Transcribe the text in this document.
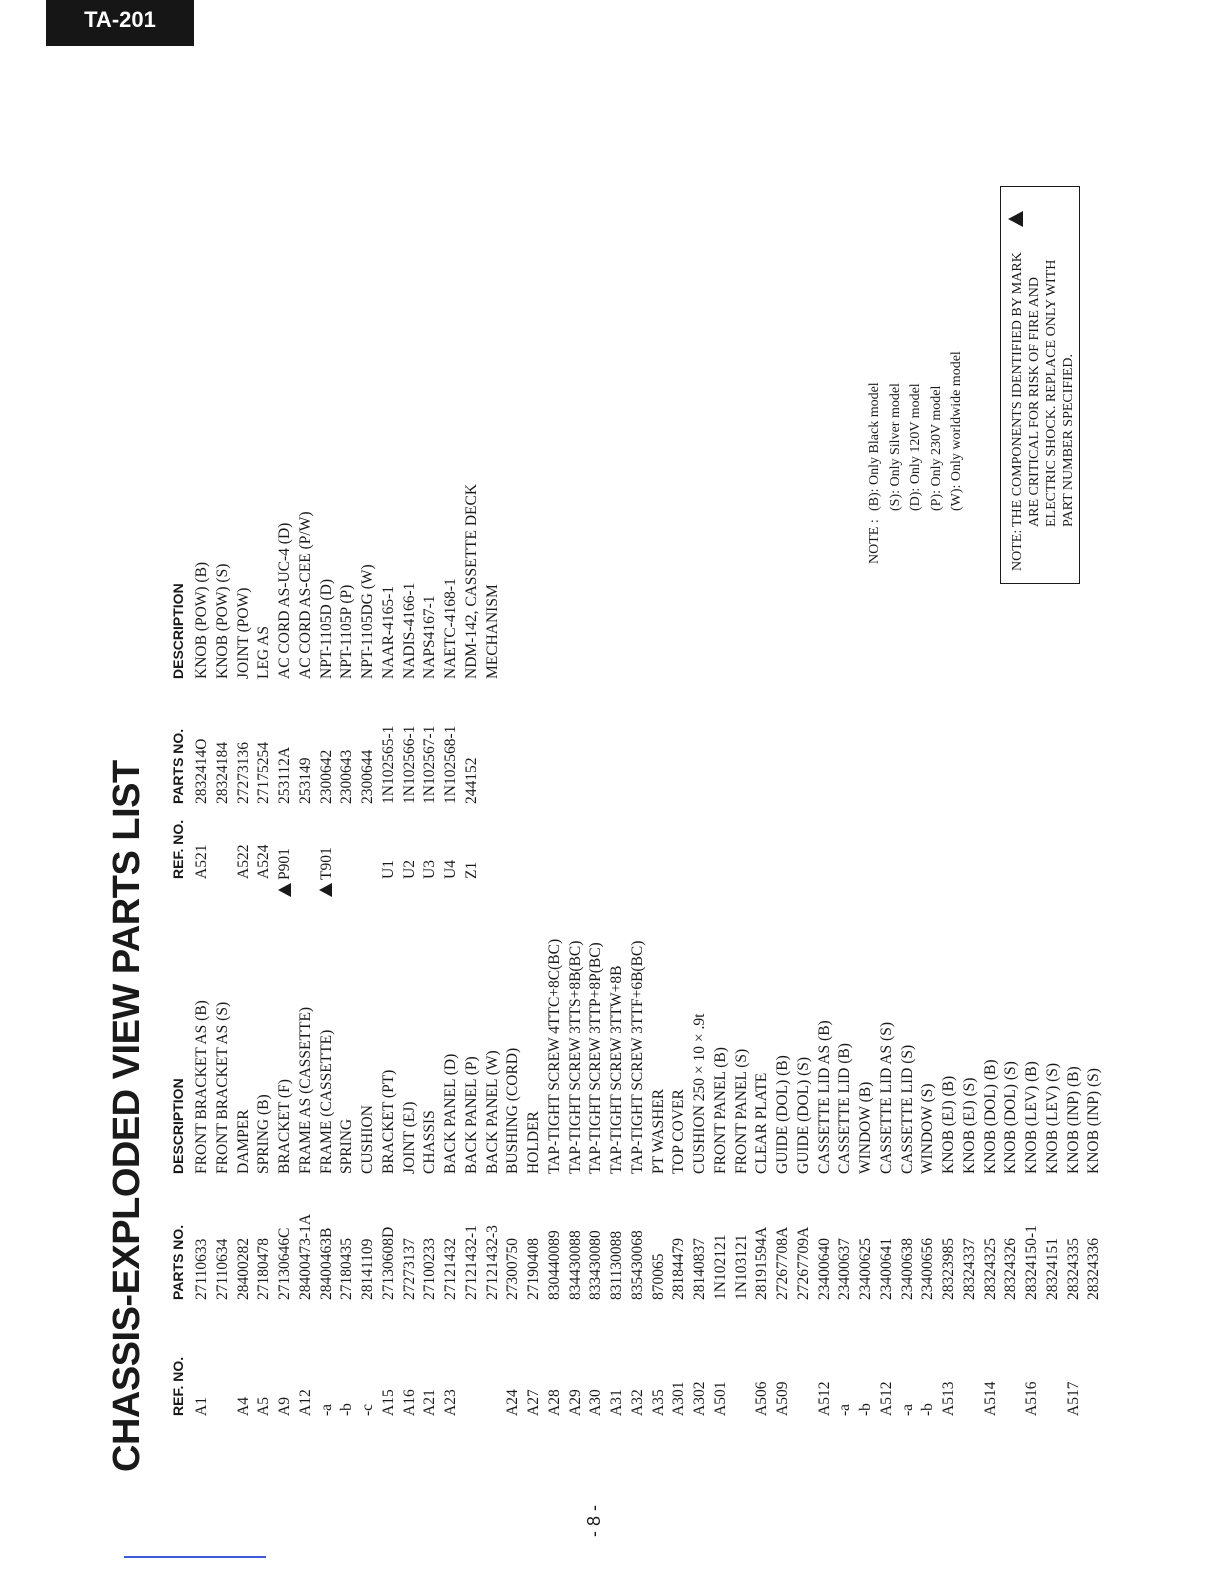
TA-201
CHASSIS-EXPLODED VIEW PARTS LIST REF. NO.
PARTS NO.
DESCRIPTION
REF. NO.
PARTS NO.
DESCRIPTION
A1
27110633
FRONT BRACKET AS (B)
27110634
FRONT BRACKET AS (S)
A4
28400282
DAMPER
A5
27180478
SPRING (B)
A9
27130646C
BRACKET (F)
A12
28400473-1A
FRAME AS (CASSETTE)
-a
28400463B
FRAME (CASSETTE)
-b
27180435
SPRING
-c
28141109
CUSHION
A15
27130608D
BRACKET (PT)
A16
27273137
JOINT (EJ)
A21
27100233
CHASSIS
A23
27121432
BACK PANEL (D)
27121432-1
BACK PANEL (P)
27121432-3
BACK PANEL (W)
A24
27300750
BUSHING (CORD)
A27
27190408
HOLDER
A28
830440089
TAP-TIGHT SCREW 4TTC+8C(BC)
A29
834430088
TAP-TIGHT SCREW 3TTS+8B(BC)
A30
833430080
TAP-TIGHT SCREW 3TTP+8P(BC)
A31
831130088
TAP-TIGHT SCREW 3TTW+8B
A32
835430068
TAP-TIGHT SCREW 3TTF+6B(BC)
A35
870065
PT WASHER
A301
28184479
TOP COVER
A302
28140837
CUSHION 250 × 10 × .9t
A501
1N102121
FRONT PANEL (B)
1N103121
FRONT PANEL (S)
A506
28191594A
CLEAR PLATE
A509
27267708A
GUIDE (DOL) (B)
27267709A
GUIDE (DOL) (S)
A512
23400640
CASSETTE LID AS (B)
-a
23400637
CASSETTE LID (B)
-b
23400625
WINDOW (B)
A512
23400641
CASSETTE LID AS (S)
-a
23400638
CASSETTE LID (S)
-b
23400656
WINDOW (S)
A513
28323985
KNOB (EJ) (B)
28324337
KNOB (EJ) (S)
A514
28324325
KNOB (DOL) (B)
28324326
KNOB (DOL) (S)
A516
28324150-1
KNOB (LEV) (B)
28324151
KNOB (LEV) (S)
A517
28324335
KNOB (INP) (B)
28324336
KNOB (INP) (S)
A521
2832414O
KNOB (POW) (B)
28324184
KNOB (POW) (S)
A522
27273136
JOINT (POW)
A524
27175254
LEG AS
P901
253112A
AC CORD AS-UC-4 (D)
253149
AC CORD AS-CEE (P/W)
T901
2300642
NPT-1105D (D)
2300643
NPT-1105P (P)
2300644
NPT-1105DG (W)
U1
1N102565-1
NAAR-4165-1
U2
1N102566-1
NADIS-4166-1
U3
1N102567-1
NAPS4167-1
U4
1N102568-1
NAETC-4168-1
Z1
244152
NDM-142, CASSETTE DECK MECHANISM
NOTE :
(B): Only Black model (S): Only Silver model (D): Only 120V model (P): Only 230V model (W): Only worldwide model
NOTE:
THE COMPONENTS IDENTIFIED BY MARK ARE CRITICAL FOR RISK OF FIRE AND ELECTRIC SHOCK. REPLACE ONLY WITH PART NUMBER SPECIFIED.
- 8 -
